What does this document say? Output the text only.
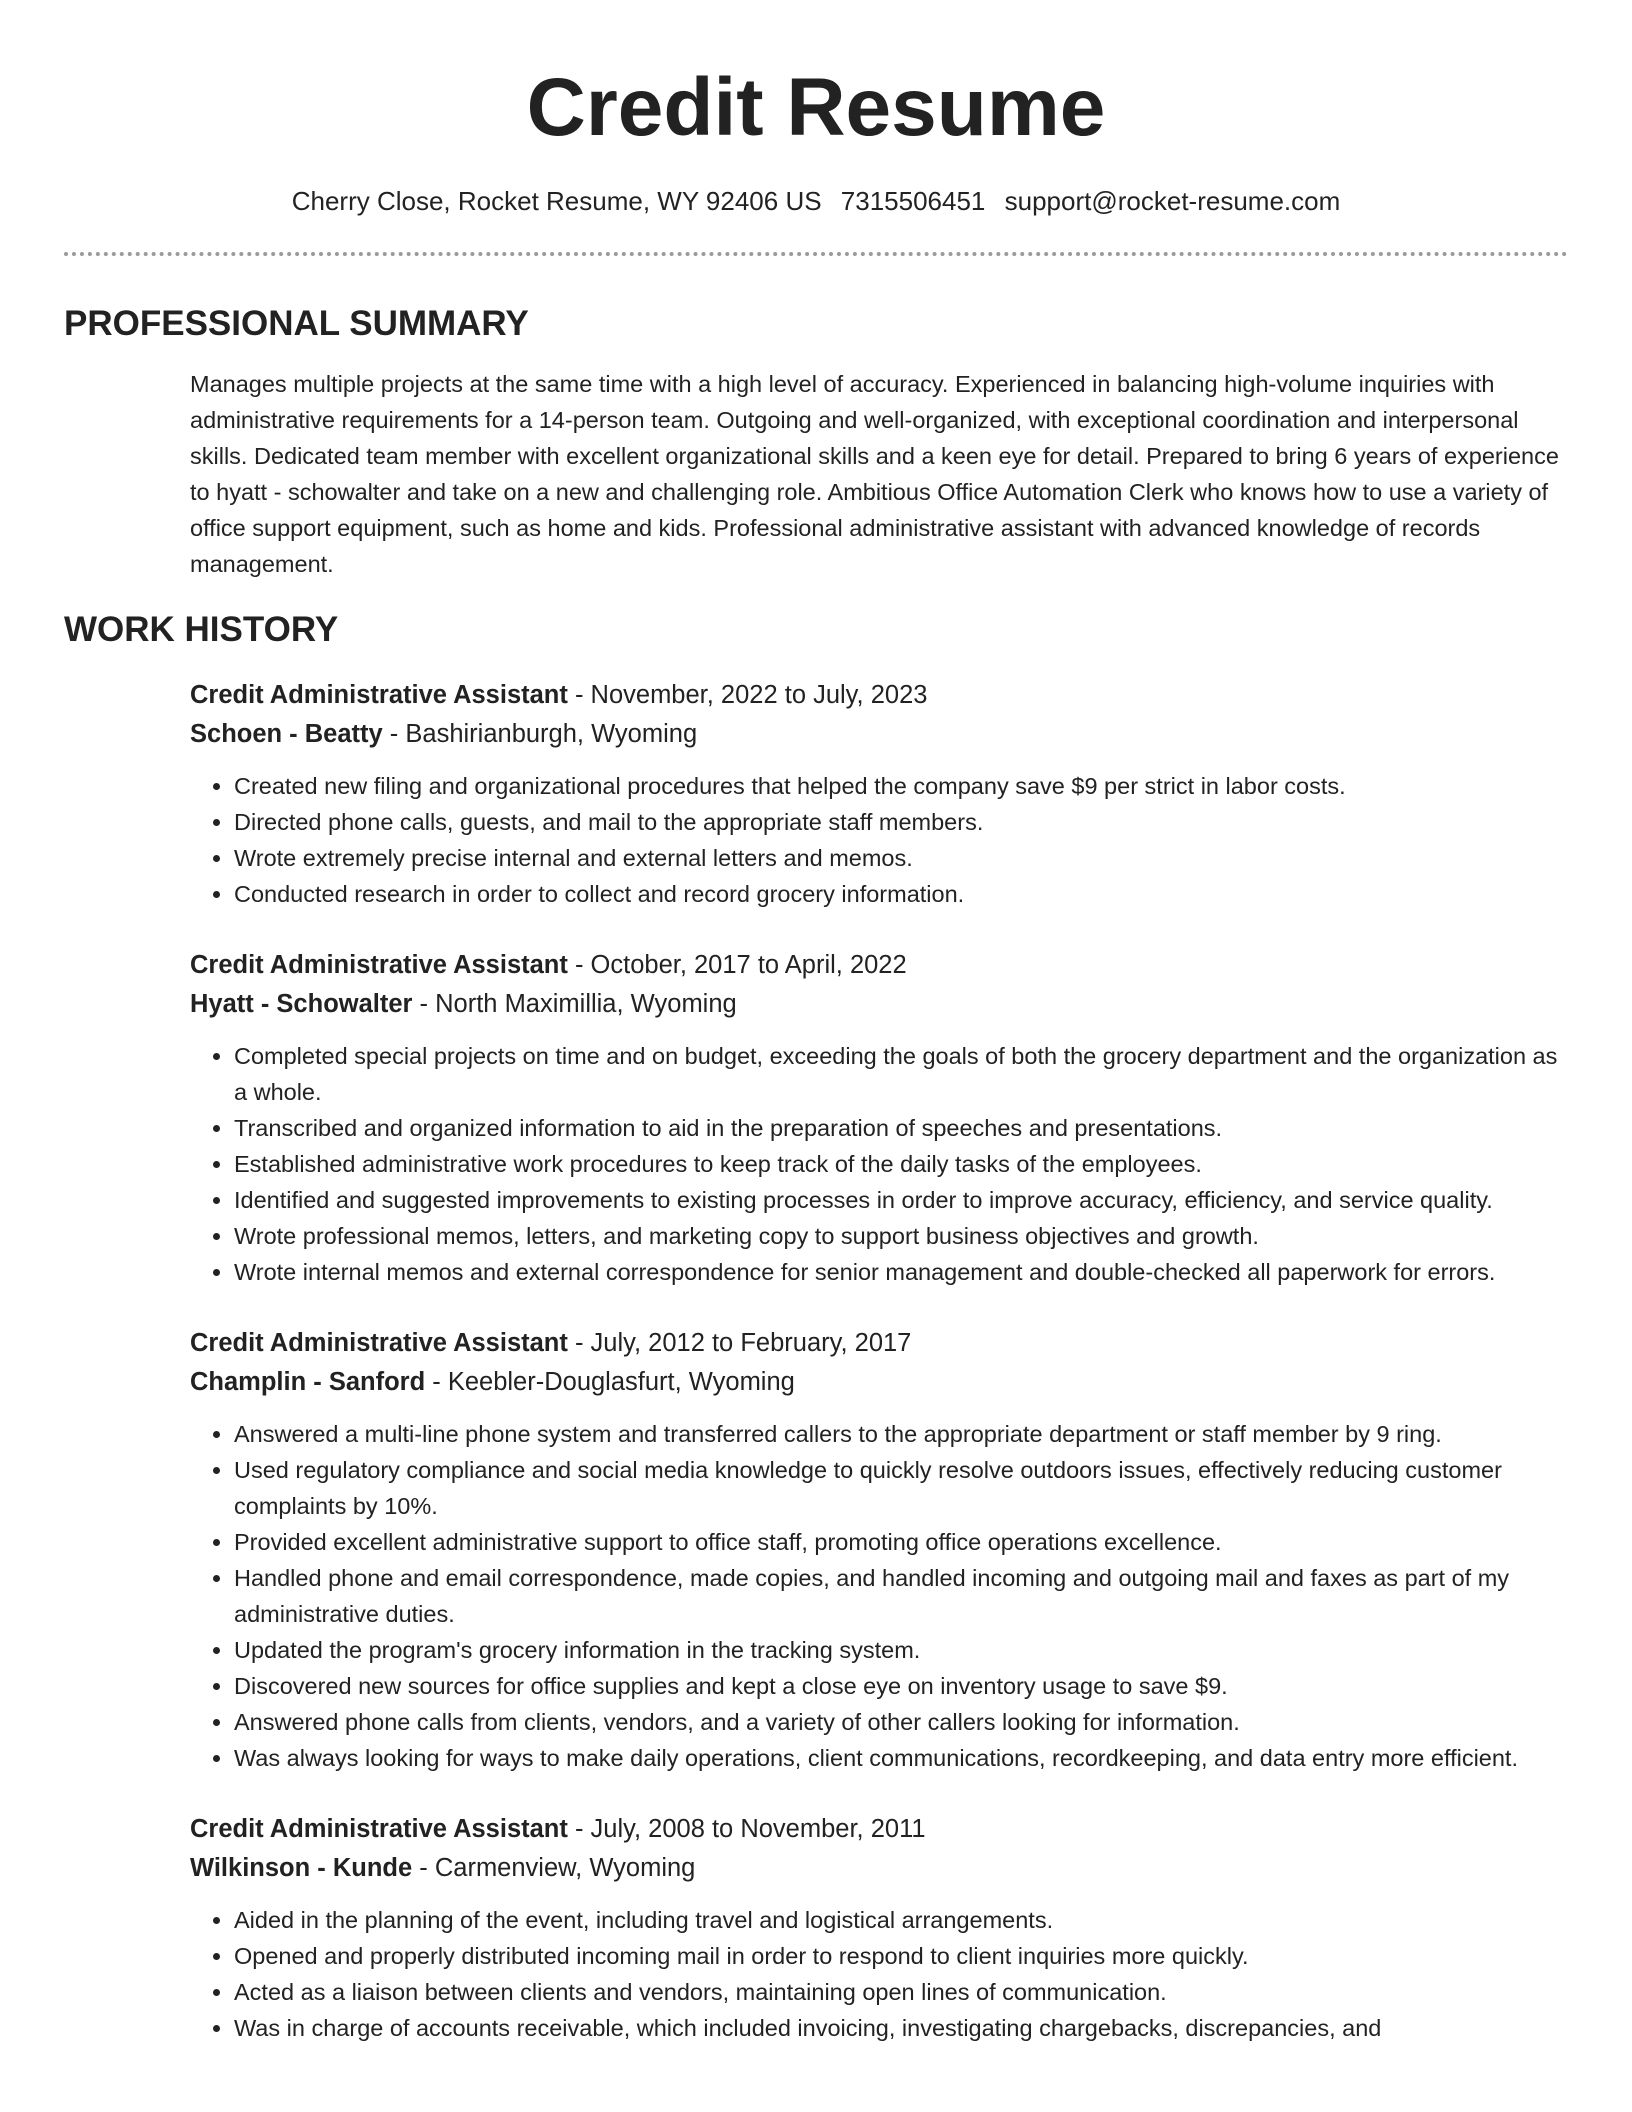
Credit Resume
Cherry Close, Rocket Resume, WY 92406 US 7315506451 support@rocket-resume.com
PROFESSIONAL SUMMARY

Manages multiple projects at the same time with a high level of accuracy. Experienced in balancing high-volume inquiries with administrative requirements for a 14-person team. Outgoing and well-organized, with exceptional coordination and interpersonal skills. Dedicated team member with excellent organizational skills and a keen eye for detail. Prepared to bring 6 years of experience to hyatt - schowalter and take on a new and challenging role. Ambitious Office Automation Clerk who knows how to use a variety of office support equipment, such as home and kids. Professional administrative assistant with advanced knowledge of records management.

WORK HISTORY
Credit Administrative Assistant - November, 2022 to July, 2023
Schoen - Beatty - Bashirianburgh, Wyoming
• Created new filing and organizational procedures that helped the company save $9 per strict in labor costs.
• Directed phone calls, guests, and mail to the appropriate staff members.
• Wrote extremely precise internal and external letters and memos.
• Conducted research in order to collect and record grocery information.
Credit Administrative Assistant - October, 2017 to April, 2022
Hyatt - Schowalter - North Maximillia, Wyoming
• Completed special projects on time and on budget, exceeding the goals of both the grocery department and the organization as a whole.
• Transcribed and organized information to aid in the preparation of speeches and presentations.
• Established administrative work procedures to keep track of the daily tasks of the employees.
• Identified and suggested improvements to existing processes in order to improve accuracy, efficiency, and service quality.
• Wrote professional memos, letters, and marketing copy to support business objectives and growth.
• Wrote internal memos and external correspondence for senior management and double-checked all paperwork for errors.
Credit Administrative Assistant - July, 2012 to February, 2017
Champlin - Sanford - Keebler-Douglasfurt, Wyoming
• Answered a multi-line phone system and transferred callers to the appropriate department or staff member by 9 ring.
• Used regulatory compliance and social media knowledge to quickly resolve outdoors issues, effectively reducing customer complaints by 10%.
• Provided excellent administrative support to office staff, promoting office operations excellence.
• Handled phone and email correspondence, made copies, and handled incoming and outgoing mail and faxes as part of my administrative duties.
• Updated the program's grocery information in the tracking system.
• Discovered new sources for office supplies and kept a close eye on inventory usage to save $9.
• Answered phone calls from clients, vendors, and a variety of other callers looking for information.
• Was always looking for ways to make daily operations, client communications, recordkeeping, and data entry more efficient.
Credit Administrative Assistant - July, 2008 to November, 2011
Wilkinson - Kunde - Carmenview, Wyoming
• Aided in the planning of the event, including travel and logistical arrangements.
• Opened and properly distributed incoming mail in order to respond to client inquiries more quickly.
• Acted as a liaison between clients and vendors, maintaining open lines of communication.
• Was in charge of accounts receivable, which included invoicing, investigating chargebacks, discrepancies, and
